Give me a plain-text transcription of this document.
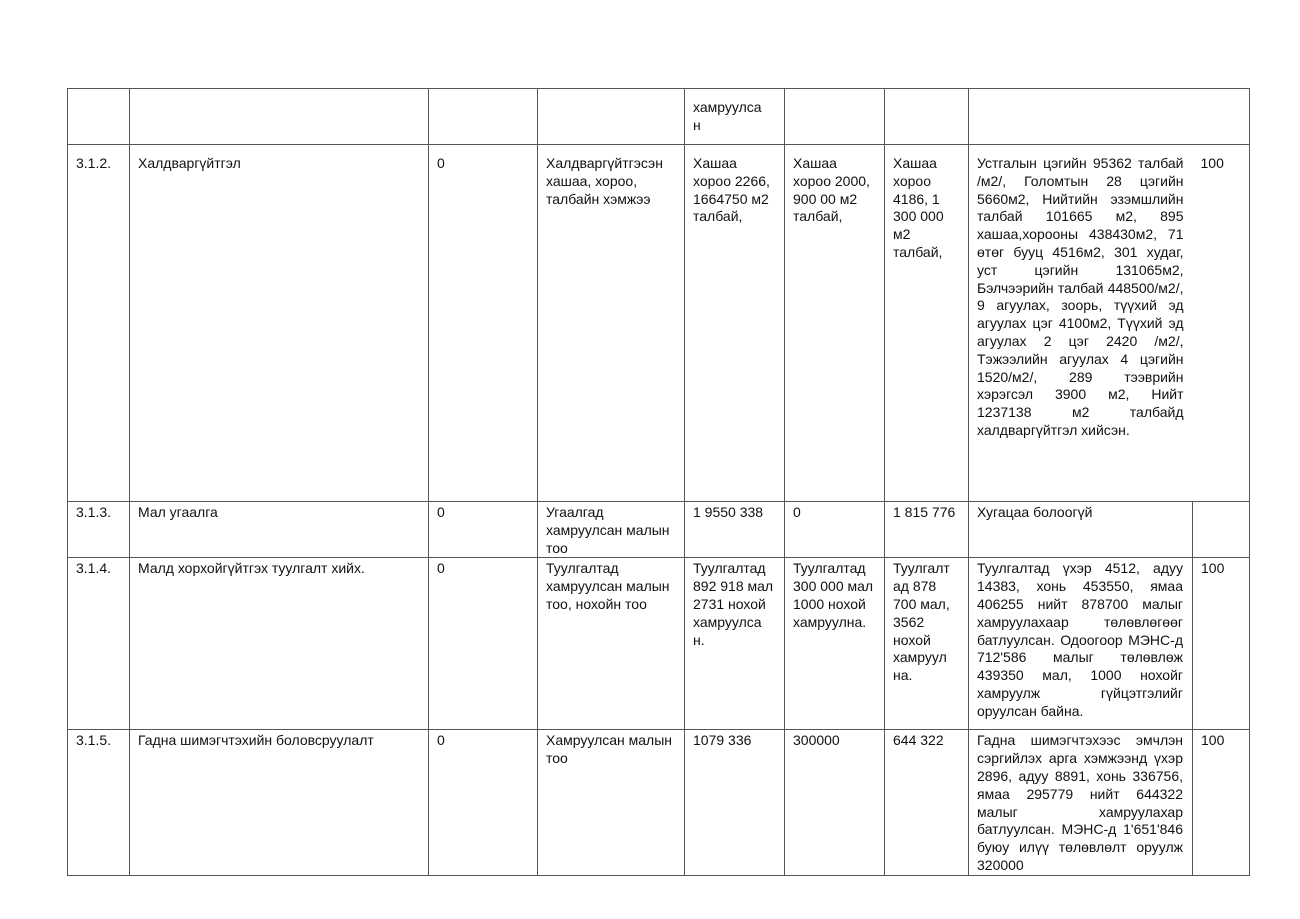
				хамруулса
н				
3.1.2.	Халдваргүйтгэл	0	Халдваргүйтгэсэн хашаа, хороо, талбайн хэмжээ	Хашаа хороо 2266, 1664750 м2 талбай,	Хашаа хороо 2000, 900 00 м2 талбай,	Хашаа хороо 4186, 1 300 000 м2 талбай,	Устгалын цэгийн 95362 талбай /м2/, Голомтын 28 цэгийн 5660м2, Нийтийн эзэмшлийн талбай 101665 м2, 895 хашаа,хорооны 438430м2, 71 өтөг бууц 4516м2, 301 худаг, уст цэгийн 131065м2, Бэлчээрийн талбай 448500/м2/, 9 агуулах, зоорь, түүхий эд агуулах цэг 4100м2, Түүхий эд агуулах 2 цэг 2420 /м2/, Тэжээлийн агуулах 4 цэгийн 1520/м2/, 289 тээврийн хэрэгсэл 3900 м2, Нийт 1237138 м2 талбайд халдваргүйтгэл хийсэн.	100
3.1.3.	Мал угаалга	0	Угаалгад хамруулсан малын тоо	1 9550 338	0	1 815 776	Хугацаа болоогүй	
3.1.4.	Малд хорхойгүйтгэх туулгалт хийх.	0	Туулгалтад хамруулсан малын тоо, нохойн тоо	Туулгалтад 892 918 мал 2731 нохой хамруулса н.	Туулгалтад 300 000 мал 1000 нохой хамруулна.	Туулгалт ад 878 700 мал, 3562 нохой хамруул на.	Туулгалтад үхэр 4512, адуу 14383, хонь 453550, ямаа 406255 нийт 878700 малыг хамруулахаар төлөвлөгөөг батлуулсан. Одоогоор МЭНС-д 712'586 малыг төлөвлөж 439350 мал, 1000 нохойг хамруулж гүйцэтгэлийг оруулсан байна.	100
3.1.5.	Гадна шимэгчтэхийн боловсруулалт	0	Хамруулсан малын тоо	1079 336	300000	644 322	Гадна шимэгчтэхээс эмчлэн сэргийлэх арга хэмжээнд үхэр 2896, адуу 8891, хонь 336756, ямаа 295779 нийт 644322 малыг хамруулахар батлуулсан. МЭНС-д 1'651'846 буюу илүү төлөвлөлт оруулж 320000	100
